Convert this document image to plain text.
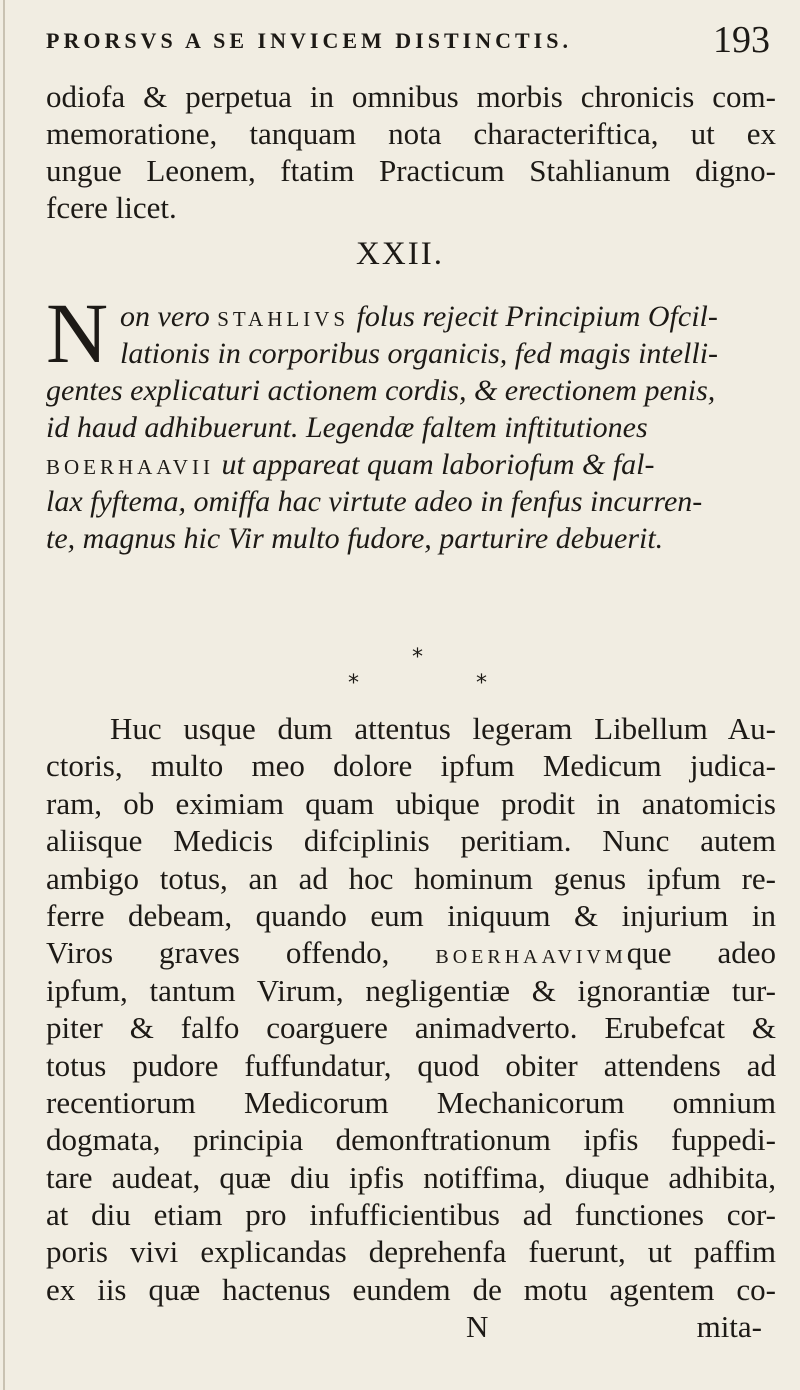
PRORSVS A SE INVICEM DISTINCTIS.	193
odiofa & perpetua in omnibus morbis chronicis com-
memoratione, tanquam nota characteriftica, ut ex
ungue Leonem, ftatim Practicum Stahlianum digno-
fcere licet.
XXII.
N on vero STAHLIVS folus rejecit Principium Ofcil-
lationis in corporibus organicis, fed magis intelli-
gentes explicaturi actionem cordis, & erectionem penis,
id haud adhibuerunt. Legendæ faltem inftitutiones
BOERHAAVII ut appareat quam laboriofum & fal-
lax fyftema, omiffa hac virtute adeo in fenfus incurren-
te, magnus hic Vir multo fudore, parturire debuerit.
*
*	*
Huc usque dum attentus legeram Libellum Au-
ctoris, multo meo dolore ipfum Medicum judica-
ram, ob eximiam quam ubique prodit in anatomicis
aliisque Medicis difciplinis peritiam. Nunc autem
ambigo totus, an ad hoc hominum genus ipfum re-
ferre debeam, quando eum iniquum & injurium in
Viros graves offendo, BOERHAAVIVMque adeo
ipfum, tantum Virum, negligentiæ & ignorantiæ tur-
piter & falfo coarguere animadverto. Erubefcat &
totus pudore fuffundatur, quod obiter attendens ad
recentiorum Medicorum Mechanicorum omnium
dogmata, principia demonftrationum ipfis fuppedi-
tare audeat, quæ diu ipfis notiffima, diuque adhibita,
at diu etiam pro infufficientibus ad functiones cor-
poris vivi explicandas deprehenfa fuerunt, ut paffim
ex iis quæ hactenus eundem de motu agentem co-
N	mita-
